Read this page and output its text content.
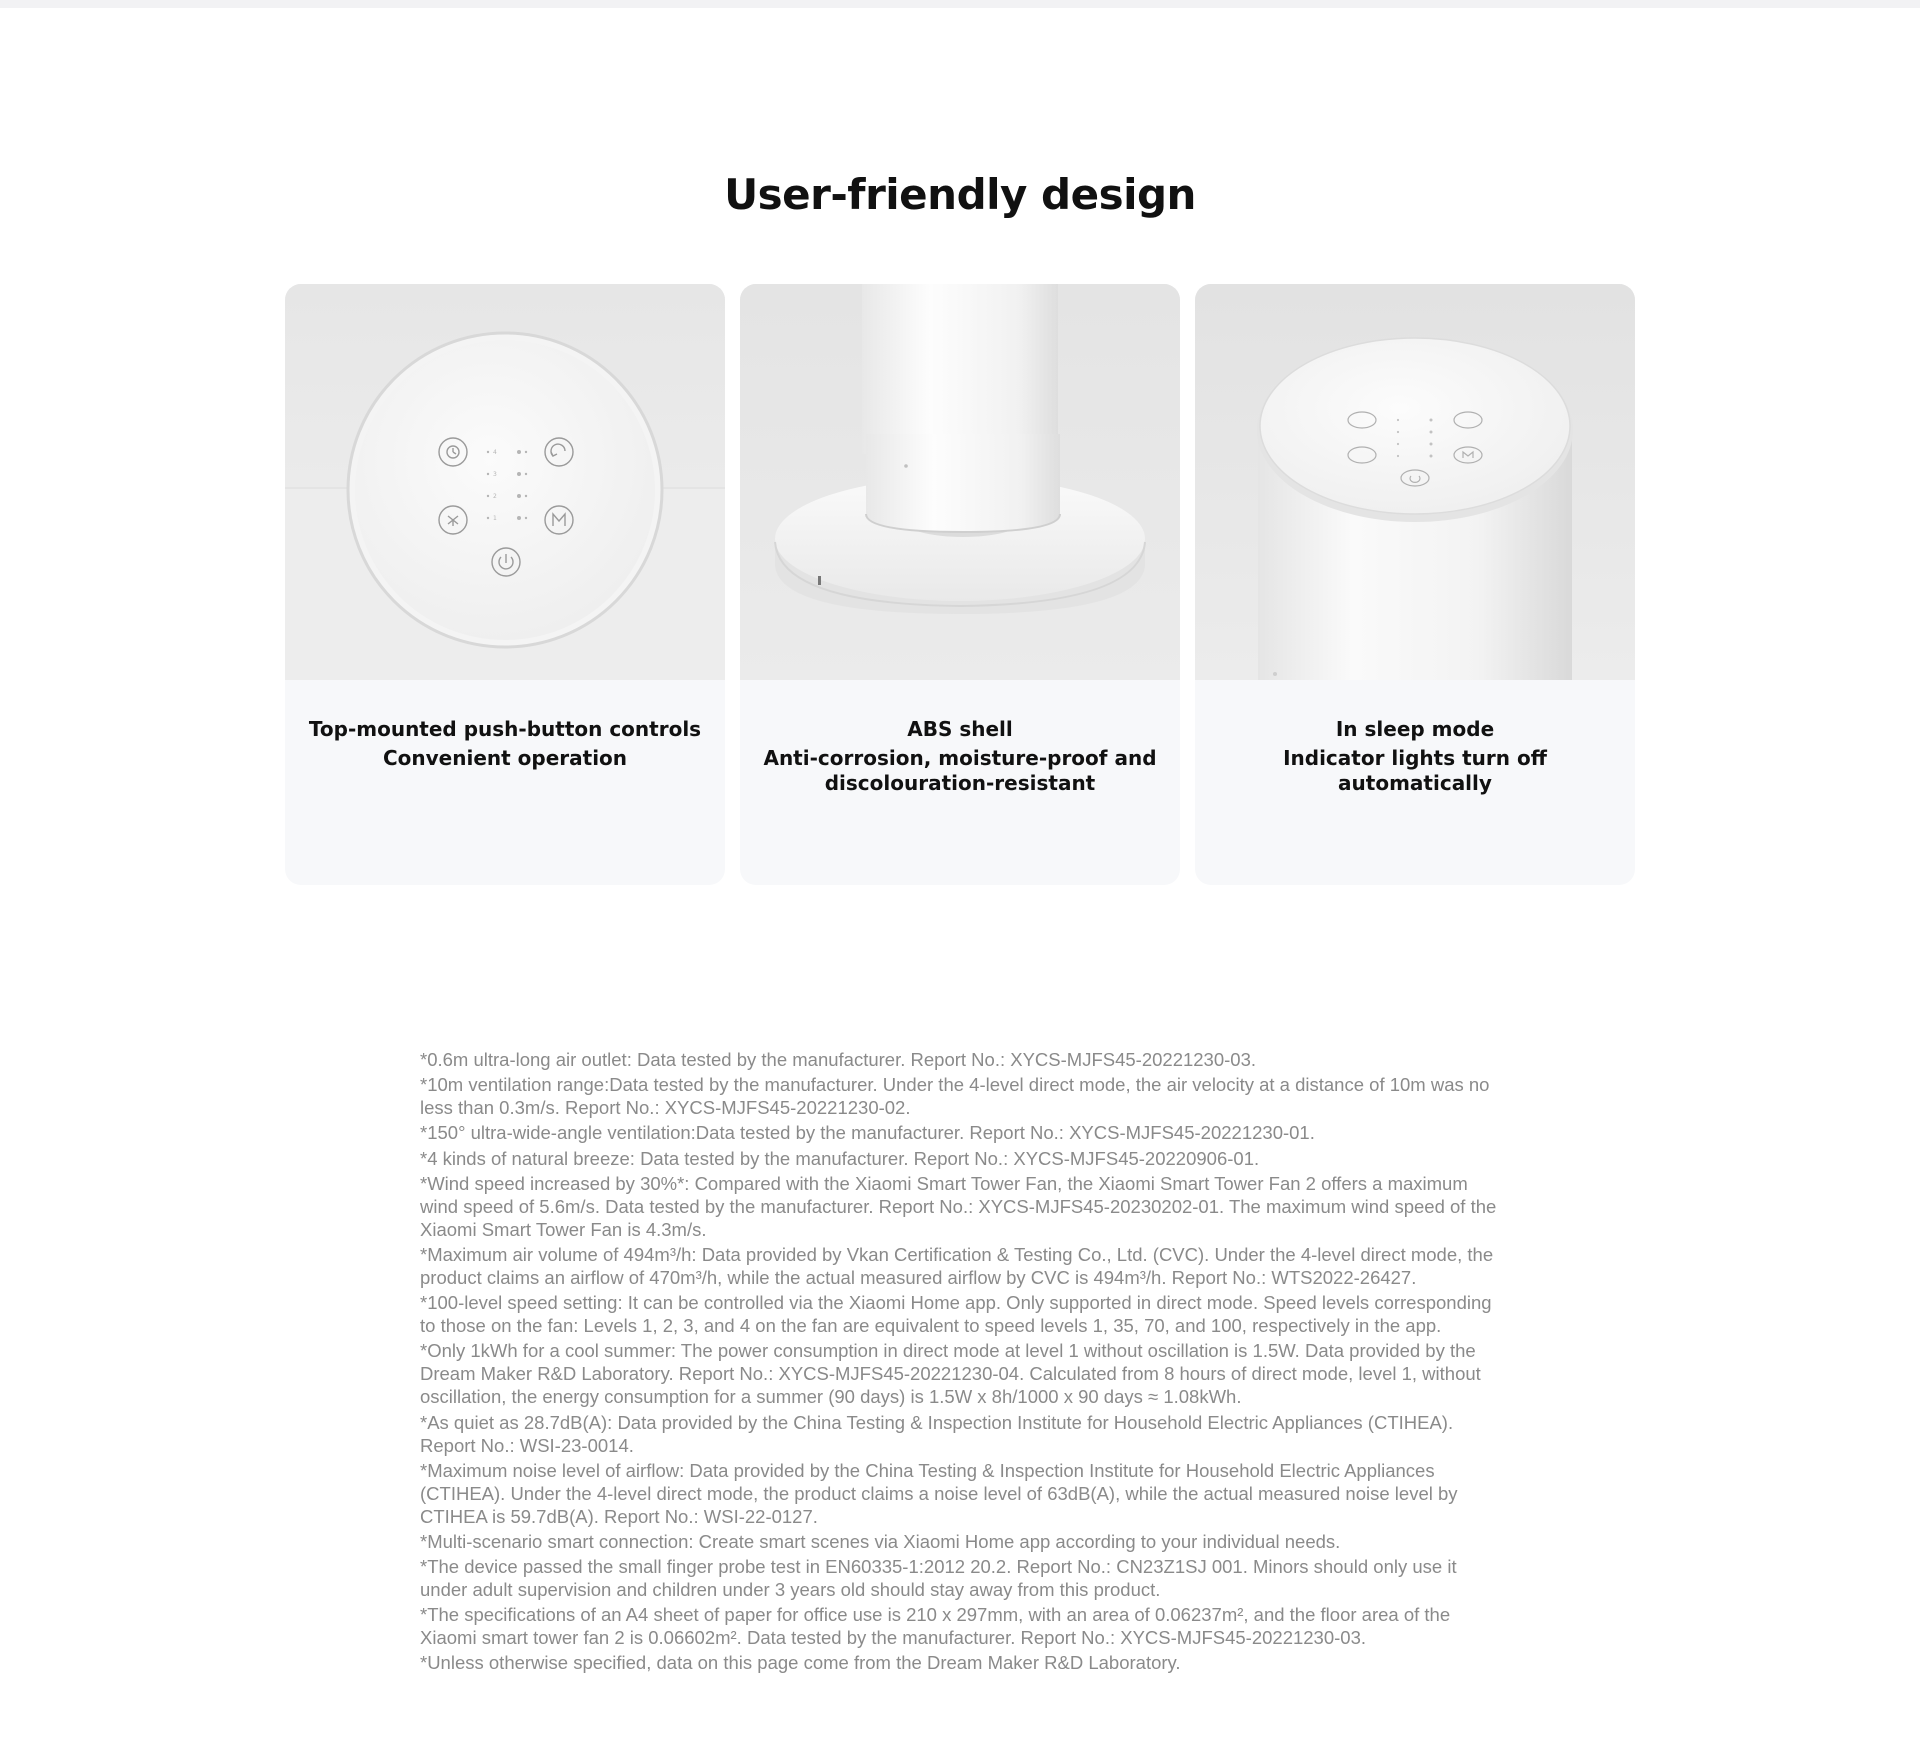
User-friendly design
4
3
2
1
Top-mounted push-button controls
Convenient operation
ABS shell
Anti-corrosion, moisture-proof and discolouration-resistant
In sleep mode
Indicator lights turn off automatically

*0.6m ultra-long air outlet: Data tested by the manufacturer. Report No.: XYCS-MJFS45-20221230-03.

*10m ventilation range:Data tested by the manufacturer. Under the 4-level direct mode, the air velocity at a distance of 10m was no less than 0.3m/s. Report No.: XYCS-MJFS45-20221230-02.

*150° ultra-wide-angle ventilation:Data tested by the manufacturer. Report No.: XYCS-MJFS45-20221230-01.

*4 kinds of natural breeze: Data tested by the manufacturer. Report No.: XYCS-MJFS45-20220906-01.

*Wind speed increased by 30%*: Compared with the Xiaomi Smart Tower Fan, the Xiaomi Smart Tower Fan 2 offers a maximum wind speed of 5.6m/s. Data tested by the manufacturer. Report No.: XYCS-MJFS45-20230202-01. The maximum wind speed of the Xiaomi Smart Tower Fan is 4.3m/s.

*Maximum air volume of 494m³/h: Data provided by Vkan Certification & Testing Co., Ltd. (CVC). Under the 4-level direct mode, the product claims an airflow of 470m³/h, while the actual measured airflow by CVC is 494m³/h. Report No.: WTS2022-26427.

*100-level speed setting: It can be controlled via the Xiaomi Home app. Only supported in direct mode. Speed levels corresponding to those on the fan: Levels 1, 2, 3, and 4 on the fan are equivalent to speed levels 1, 35, 70, and 100, respectively in the app.

*Only 1kWh for a cool summer: The power consumption in direct mode at level 1 without oscillation is 1.5W. Data provided by the Dream Maker R&D Laboratory. Report No.: XYCS-MJFS45-20221230-04. Calculated from 8 hours of direct mode, level 1, without oscillation, the energy consumption for a summer (90 days) is 1.5W x 8h/1000 x 90 days ≈ 1.08kWh.

*As quiet as 28.7dB(A): Data provided by the China Testing & Inspection Institute for Household Electric Appliances (CTIHEA). Report No.: WSI-23-0014.

*Maximum noise level of airflow: Data provided by the China Testing & Inspection Institute for Household Electric Appliances (CTIHEA). Under the 4-level direct mode, the product claims a noise level of 63dB(A), while the actual measured noise level by CTIHEA is 59.7dB(A). Report No.: WSI-22-0127.

*Multi-scenario smart connection: Create smart scenes via Xiaomi Home app according to your individual needs.

*The device passed the small finger probe test in EN60335-1:2012 20.2. Report No.: CN23Z1SJ 001. Minors should only use it under adult supervision and children under 3 years old should stay away from this product.

*The specifications of an A4 sheet of paper for office use is 210 x 297mm, with an area of 0.06237m², and the floor area of the Xiaomi smart tower fan 2 is 0.06602m². Data tested by the manufacturer. Report No.: XYCS-MJFS45-20221230-03.

*Unless otherwise specified, data on this page come from the Dream Maker R&D Laboratory.
